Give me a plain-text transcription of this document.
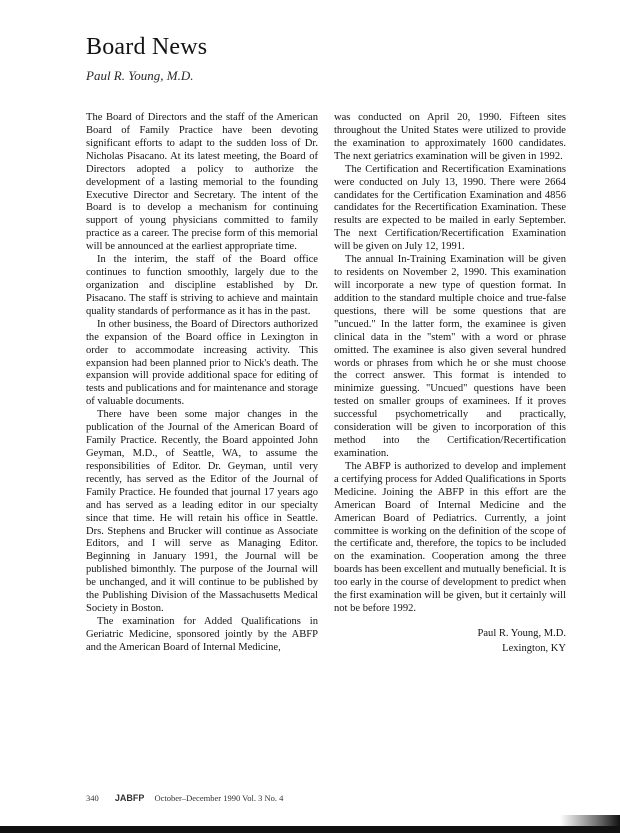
Board News
Paul R. Young, M.D.

The Board of Directors and the staff of the American Board of Family Practice have been devoting significant efforts to adapt to the sudden loss of Dr. Nicholas Pisacano. At its latest meeting, the Board of Directors adopted a policy to authorize the development of a lasting memorial to the founding Executive Director and Secretary. The intent of the Board is to develop a mechanism for continuing support of young physicians committed to family practice as a career. The precise form of this memorial will be announced at the earliest appropriate time.

In the interim, the staff of the Board office continues to function smoothly, largely due to the organization and discipline established by Dr. Pisacano. The staff is striving to achieve and maintain quality standards of performance as it has in the past.

In other business, the Board of Directors authorized the expansion of the Board office in Lexington in order to accommodate increasing activity. This expansion had been planned prior to Nick's death. The expansion will provide additional space for editing of tests and publications and for maintenance and storage of valuable documents.

There have been some major changes in the publication of the Journal of the American Board of Family Practice. Recently, the Board appointed John Geyman, M.D., of Seattle, WA, to assume the responsibilities of Editor. Dr. Geyman, until very recently, has served as the Editor of the Journal of Family Practice. He founded that journal 17 years ago and has served as a leading editor in our specialty since that time. He will retain his office in Seattle. Drs. Stephens and Brucker will continue as Associate Editors, and I will serve as Managing Editor. Beginning in January 1991, the Journal will be published bimonthly. The purpose of the Journal will be unchanged, and it will continue to be published by the Publishing Division of the Massachusetts Medical Society in Boston.

The examination for Added Qualifications in Geriatric Medicine, sponsored jointly by the ABFP and the American Board of Internal Medicine,

was conducted on April 20, 1990. Fifteen sites throughout the United States were utilized to provide the examination to approximately 1600 candidates. The next geriatrics examination will be given in 1992.

The Certification and Recertification Examinations were conducted on July 13, 1990. There were 2664 candidates for the Certification Examination and 4856 candidates for the Recertification Examination. These results are expected to be mailed in early September. The next Certification/Recertification Examination will be given on July 12, 1991.

The annual In-Training Examination will be given to residents on November 2, 1990. This examination will incorporate a new type of question format. In addition to the standard multiple choice and true-false questions, there will be some questions that are "uncued." In the latter form, the examinee is given clinical data in the "stem" with a word or phrase omitted. The examinee is also given several hundred words or phrases from which he or she must choose the correct answer. This format is intended to minimize guessing. "Uncued" questions have been tested on smaller groups of examinees. If it proves successful psychometrically and practically, consideration will be given to incorporation of this method into the Certification/Recertification examination.

The ABFP is authorized to develop and implement a certifying process for Added Qualifications in Sports Medicine. Joining the ABFP in this effort are the American Board of Internal Medicine and the American Board of Pediatrics. Currently, a joint committee is working on the definition of the scope of the certificate and, therefore, the topics to be included on the examination. Cooperation among the three boards has been excellent and mutually beneficial. It is too early in the course of development to predict when the first examination will be given, but it certainly will not be before 1992.

Paul R. Young, M.D.
Lexington, KY
340 JABFP October–December 1990 Vol. 3 No. 4
